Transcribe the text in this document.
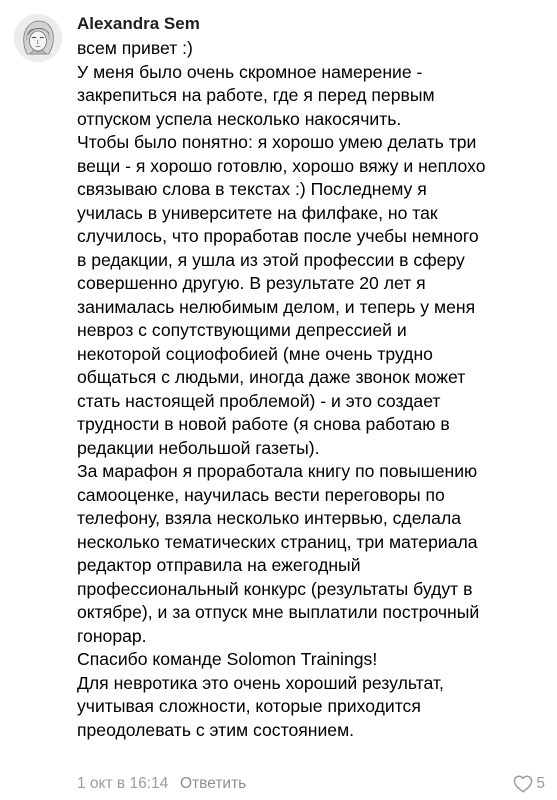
Alexandra Sem

всем привет :)
У меня было очень скромное намерение -
закрепиться на работе, где я перед первым
отпуском успела несколько накосячить.
Чтобы было понятно: я хорошо умею делать три
вещи - я хорошо готовлю, хорошо вяжу и неплохо
связываю слова в текстах :) Последнему я
училась в университете на филфаке, но так
случилось, что проработав после учебы немного
в редакции, я ушла из этой профессии в сферу
совершенно другую. В результате 20 лет я
занималась нелюбимым делом, и теперь у меня
невроз с сопутствующими депрессией и
некоторой социофобией (мне очень трудно
общаться с людьми, иногда даже звонок может
стать настоящей проблемой) - и это создает
трудности в новой работе (я снова работаю в
редакции небольшой газеты).
За марафон я проработала книгу по повышению
самооценке, научилась вести переговоры по
телефону, взяла несколько интервью, сделала
несколько тематических страниц, три материала
редактор отправила на ежегодный
профессиональный конкурс (результаты будут в
октябре), и за отпуск мне выплатили построчный
гонорар.
Спасибо команде Solomon Trainings!
Для невротика это очень хороший результат,
учитывая сложности, которые приходится
преодолевать с этим состоянием.

1 окт в 16:14 Ответить	5
